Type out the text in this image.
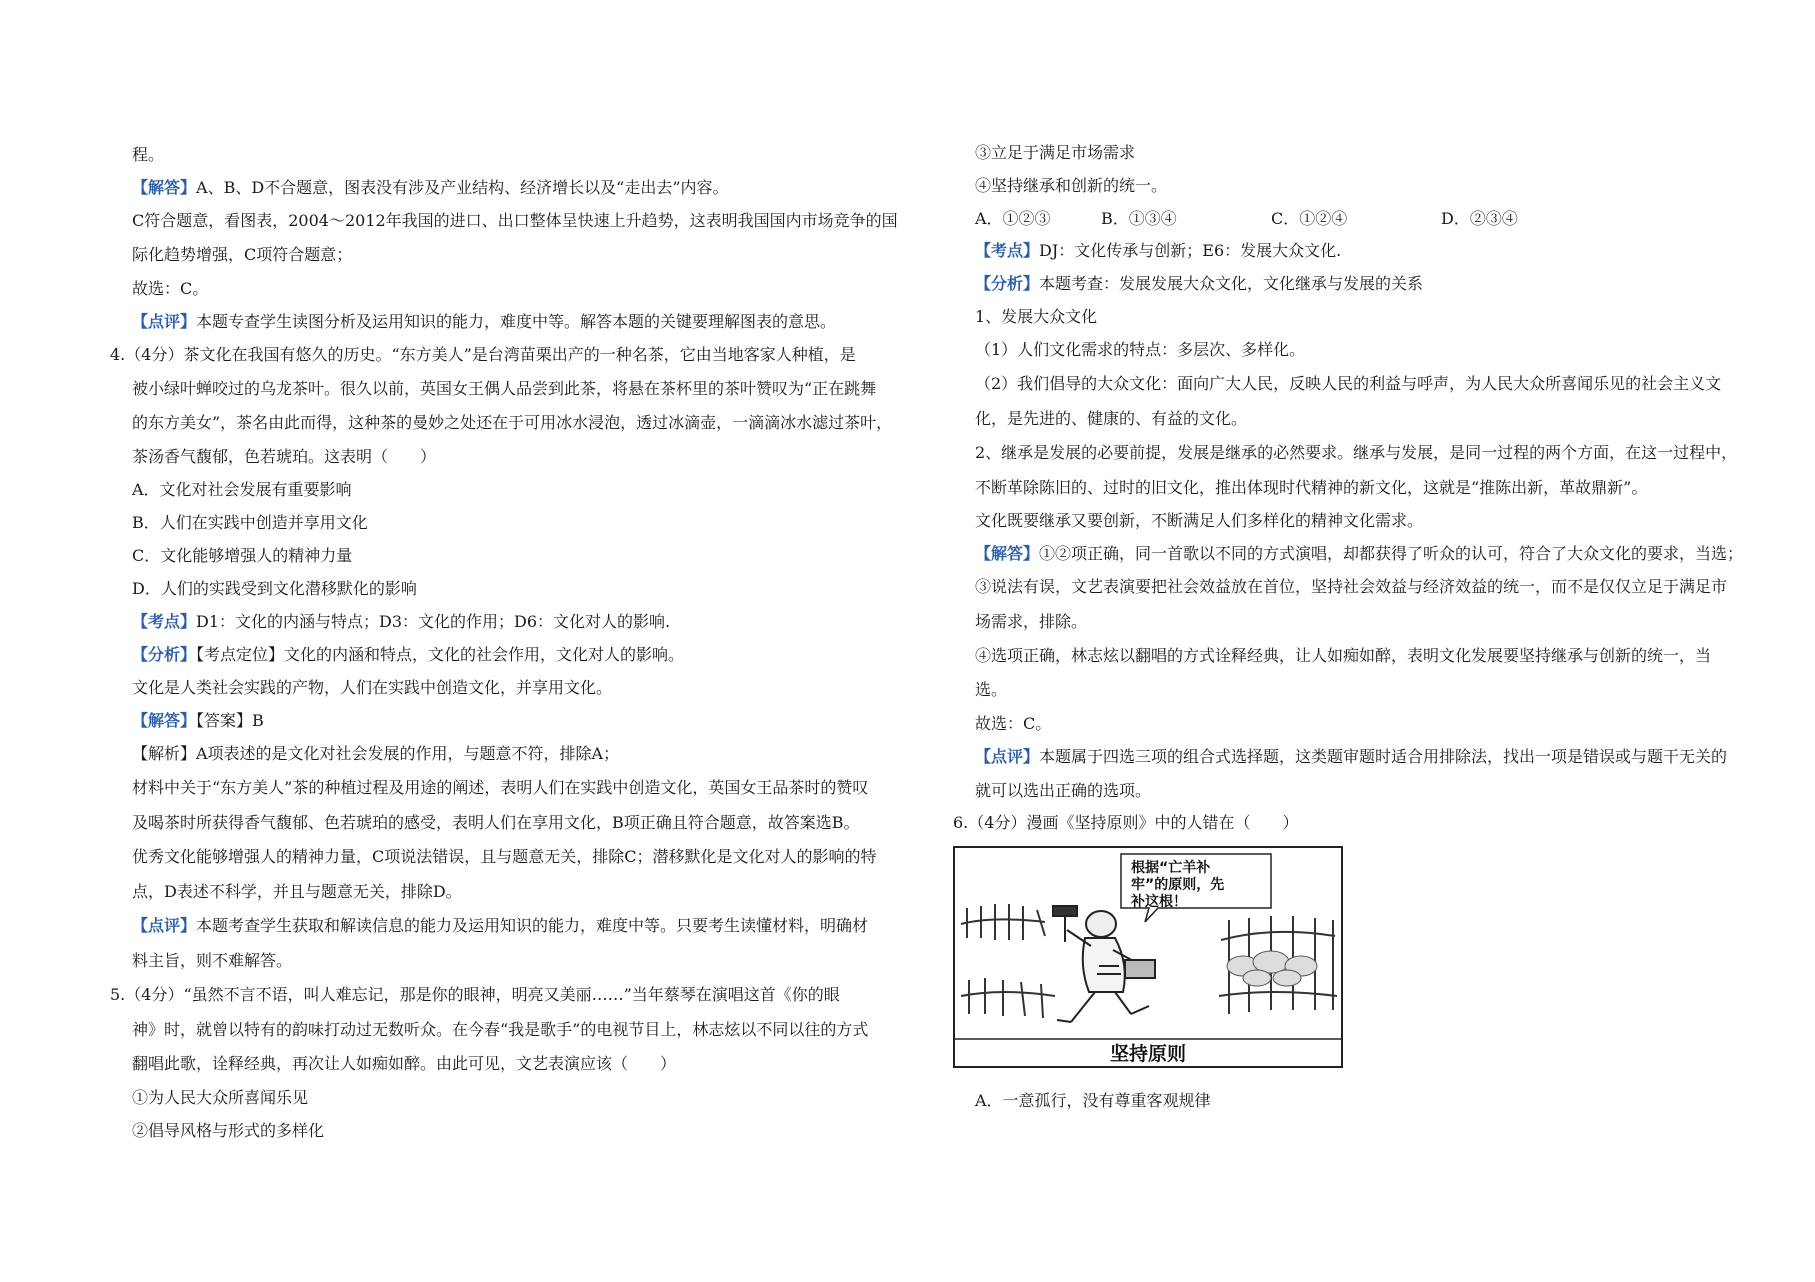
程。
【解答】A、B、D不合题意，图表没有涉及产业结构、经济增长以及“走出去”内容。
C符合题意，看图表，2004～2012年我国的进口、出口整体呈快速上升趋势，这表明我国国内市场竞争的国
际化趋势增强，C项符合题意；
故选：C。
【点评】本题专查学生读图分析及运用知识的能力，难度中等。解答本题的关键要理解图表的意思。
4.（4分）茶文化在我国有悠久的历史。“东方美人”是台湾苗栗出产的一种名茶，它由当地客家人种植，是
被小绿叶蝉咬过的乌龙茶叶。很久以前，英国女王偶人品尝到此茶，将悬在茶杯里的茶叶赞叹为“正在跳舞
的东方美女”，茶名由此而得，这种茶的曼妙之处还在于可用冰水浸泡，透过冰滴壶，一滴滴冰水滤过茶叶，
茶汤香气馥郁，色若琥珀。这表明（　　）
A．文化对社会发展有重要影响
B．人们在实践中创造并享用文化
C．文化能够增强人的精神力量
D．人们的实践受到文化潜移默化的影响
【考点】D1：文化的内涵与特点；D3：文化的作用；D6：文化对人的影响.
【分析】【考点定位】文化的内涵和特点，文化的社会作用，文化对人的影响。
文化是人类社会实践的产物，人们在实践中创造文化，并享用文化。
【解答】【答案】B
【解析】A项表述的是文化对社会发展的作用，与题意不符，排除A；
材料中关于“东方美人”茶的种植过程及用途的阐述，表明人们在实践中创造文化，英国女王品茶时的赞叹
及喝茶时所获得香气馥郁、色若琥珀的感受，表明人们在享用文化，B项正确且符合题意，故答案选B。
优秀文化能够增强人的精神力量，C项说法错误，且与题意无关，排除C；潜移默化是文化对人的影响的特
点，D表述不科学，并且与题意无关，排除D。
【点评】本题考查学生获取和解读信息的能力及运用知识的能力，难度中等。只要考生读懂材料，明确材
料主旨，则不难解答。
5.（4分）“虽然不言不语，叫人难忘记，那是你的眼神，明亮又美丽……”当年蔡琴在演唱这首《你的眼
神》时，就曾以特有的韵味打动过无数听众。在今春“我是歌手”的电视节目上，林志炫以不同以往的方式
翻唱此歌，诠释经典，再次让人如痴如醉。由此可见，文艺表演应该（　　）
①为人民大众所喜闻乐见
②倡导风格与形式的多样化
③立足于满足市场需求
④坚持继承和创新的统一。
A．①②③	B．①③④	C．①②④	D．②③④
【考点】DJ：文化传承与创新；E6：发展大众文化.
【分析】本题考查：发展发展大众文化，文化继承与发展的关系
1、发展大众文化
（1）人们文化需求的特点：多层次、多样化。
（2）我们倡导的大众文化：面向广大人民，反映人民的利益与呼声，为人民大众所喜闻乐见的社会主义文
化，是先进的、健康的、有益的文化。
2、继承是发展的必要前提，发展是继承的必然要求。继承与发展，是同一过程的两个方面，在这一过程中，
不断革除陈旧的、过时的旧文化，推出体现时代精神的新文化，这就是“推陈出新，革故鼎新”。
文化既要继承又要创新，不断满足人们多样化的精神文化需求。
【解答】①②项正确，同一首歌以不同的方式演唱，却都获得了听众的认可，符合了大众文化的要求，当选；
③说法有误，文艺表演要把社会效益放在首位，坚持社会效益与经济效益的统一，而不是仅仅立足于满足市
场需求，排除。
④选项正确，林志炫以翻唱的方式诠释经典，让人如痴如醉，表明文化发展要坚持继承与创新的统一，当
选。
故选：C。
【点评】本题属于四选三项的组合式选择题，这类题审题时适合用排除法，找出一项是错误或与题干无关的
就可以选出正确的选项。
6.（4分）漫画《坚持原则》中的人错在（　　）
根据“亡羊补
牢”的原则，先
补这根！
坚持原则
A．一意孤行，没有尊重客观规律
